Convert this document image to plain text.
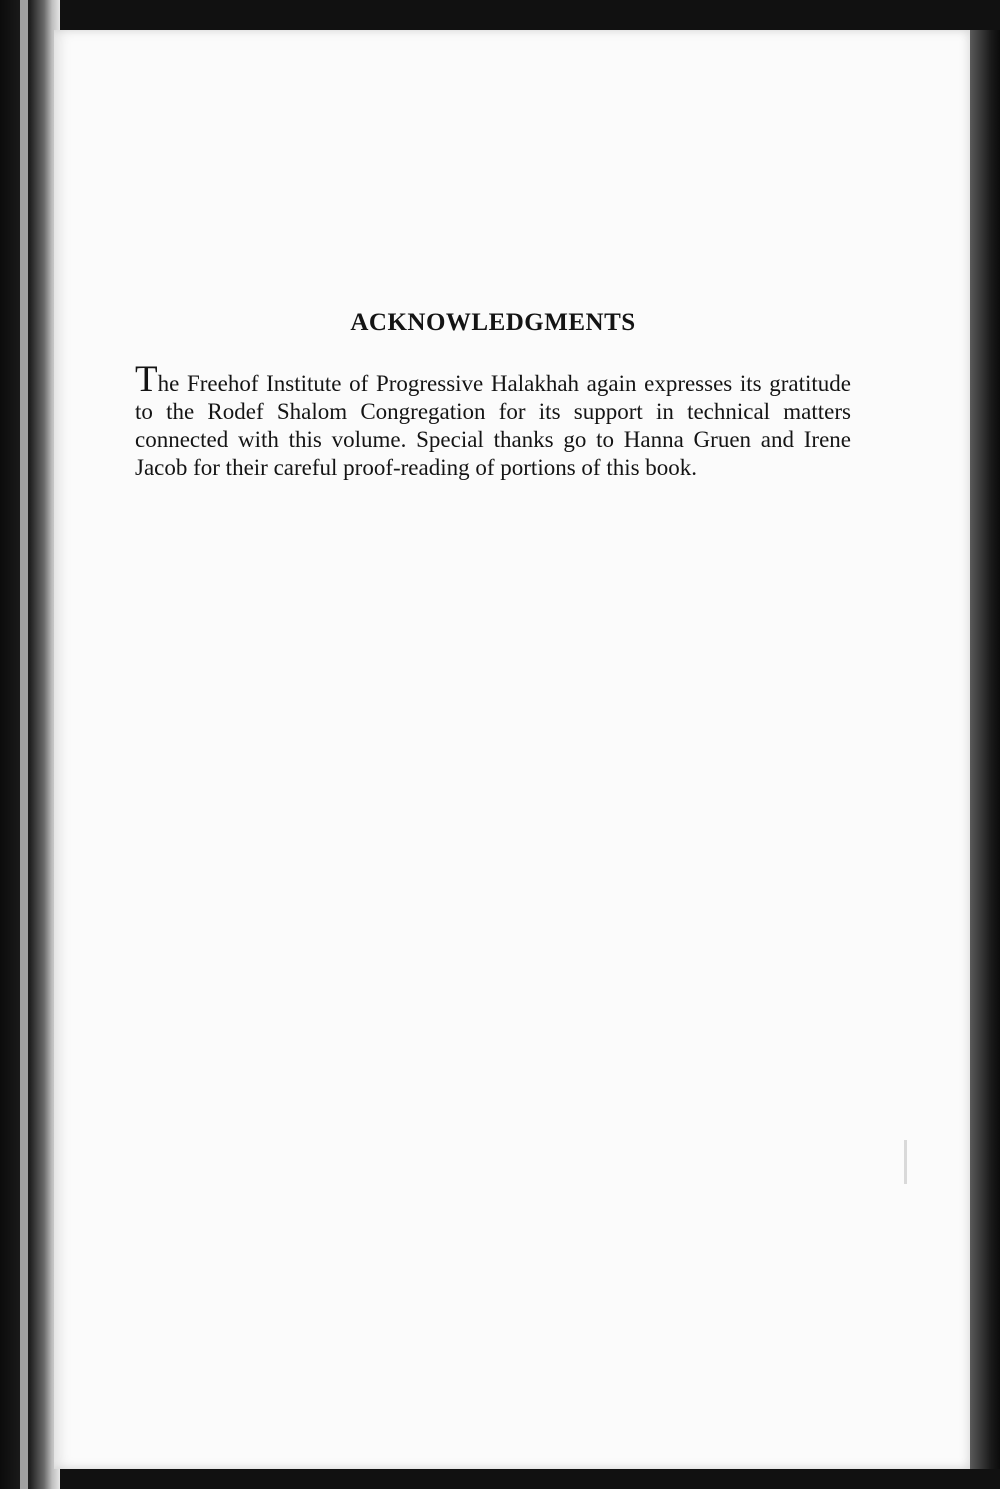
ACKNOWLEDGMENTS

The Freehof Institute of Progressive Halakhah again expresses its gratitude to the Rodef Shalom Congregation for its support in technical matters connected with this volume. Special thanks go to Hanna Gruen and Irene Jacob for their careful proof-reading of portions of this book.
